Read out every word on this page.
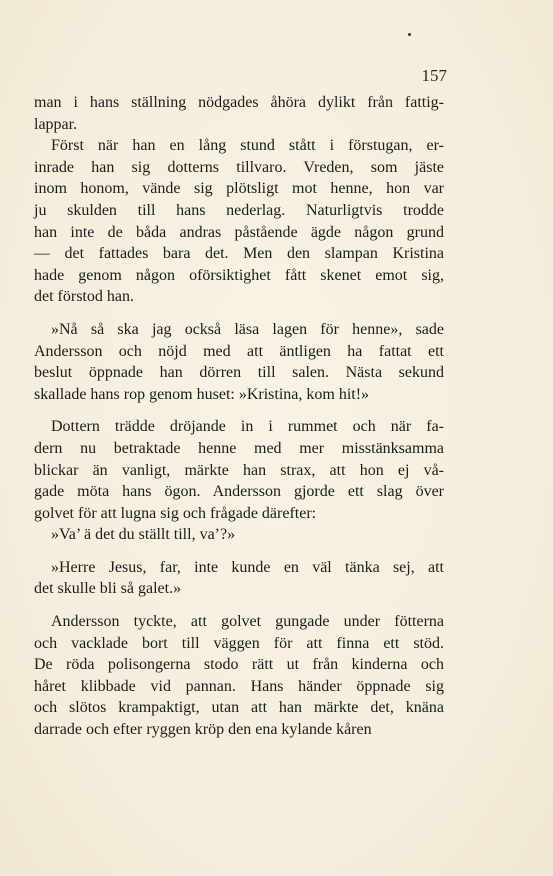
157
man i hans ställning nödgades åhöra dylikt från fattig-
lappar.
Först när han en lång stund stått i förstugan, er-
inrade han sig dotterns tillvaro. Vreden, som jäste
inom honom, vände sig plötsligt mot henne, hon var
ju skulden till hans nederlag. Naturligtvis trodde
han inte de båda andras påstående ägde någon grund
— det fattades bara det. Men den slampan Kristina
hade genom någon oförsiktighet fått skenet emot sig,
det förstod han.
»Nå så ska jag också läsa lagen för henne», sade
Andersson och nöjd med att äntligen ha fattat ett
beslut öppnade han dörren till salen. Nästa sekund
skallade hans rop genom huset: »Kristina, kom hit!»
Dottern trädde dröjande in i rummet och när fa-
dern nu betraktade henne med mer misstänksamma
blickar än vanligt, märkte han strax, att hon ej vå-
gade möta hans ögon. Andersson gjorde ett slag över
golvet för att lugna sig och frågade därefter:
»Va’ ä det du ställt till, va’?»
»Herre Jesus, far, inte kunde en väl tänka sej, att
det skulle bli så galet.»
Andersson tyckte, att golvet gungade under fötterna
och vacklade bort till väggen för att finna ett stöd.
De röda polisongerna stodo rätt ut från kinderna och
håret klibbade vid pannan. Hans händer öppnade sig
och slötos krampaktigt, utan att han märkte det, knäna
darrade och efter ryggen kröp den ena kylande kåren
